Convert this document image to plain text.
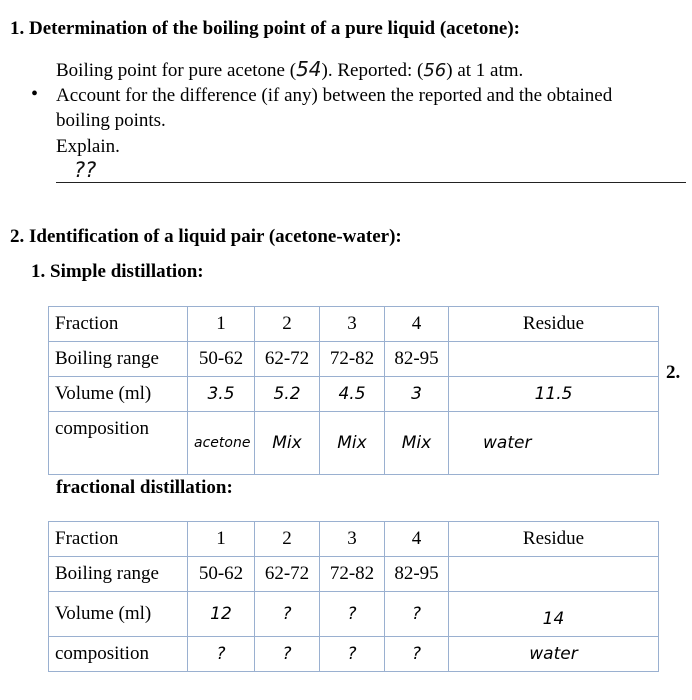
1. Determination of the boiling point of a pure liquid (acetone):
Boiling point for pure acetone (54). Reported: (56) at 1 atm.
• Account for the difference (if any) between the reported and the obtained
boiling points.
Explain.
??
2. Identification of a liquid pair (acetone-water):
1. Simple distillation:
Fraction	1	2	3	4	Residue
Boiling range	50-62	62-72	72-82	82-95	
Volume (ml)	3.5	5.2	4.5	3	11.5
composition	acetone	Mix	Mix	Mix	water
2.
fractional distillation:
Fraction	1	2	3	4	Residue
Boiling range	50-62	62-72	72-82	82-95	
Volume (ml)	12	?	?	?	14
composition	?	?	?	?	water
